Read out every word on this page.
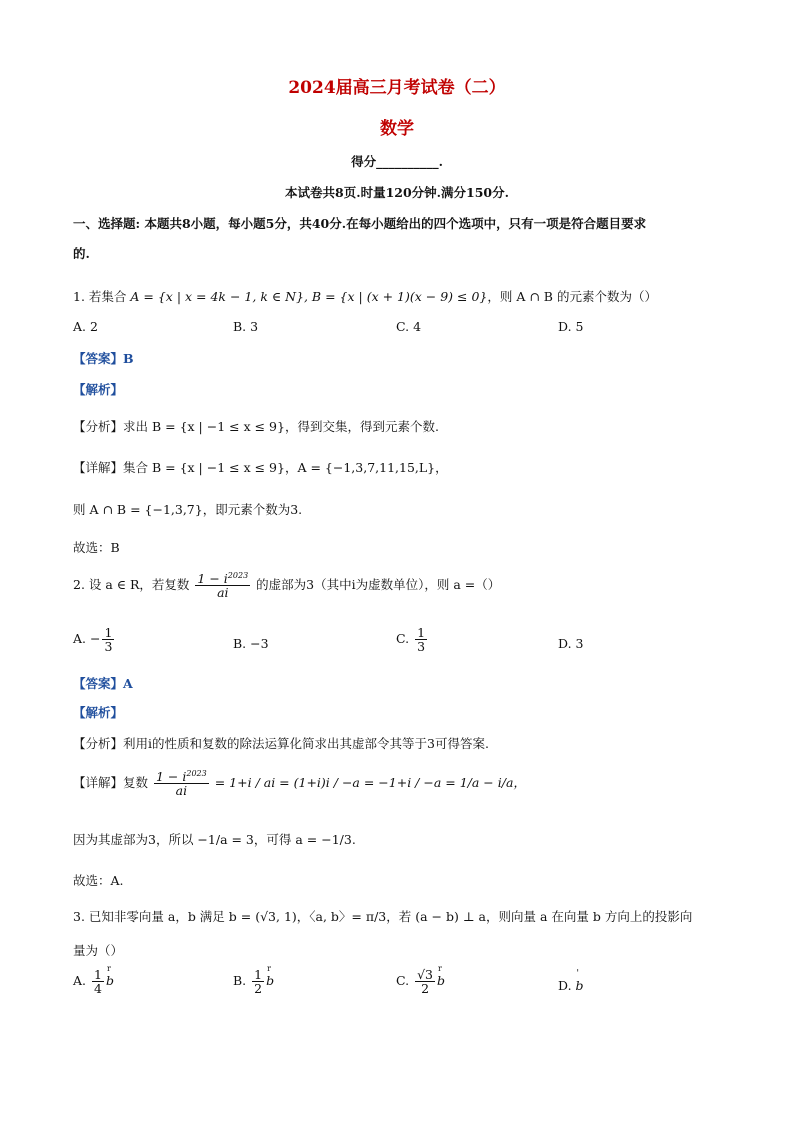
2024届高三月考试卷（二）
数学
得分__________.
本试卷共8页.时量120分钟.满分150分.
一、选择题: 本题共8小题，每小题5分，共40分.在每小题给出的四个选项中，只有一项是符合题目要求
的.
1. 若集合 A = {x | x = 4k − 1, k ∈ N}, B = {x | (x + 1)(x − 9) ≤ 0}，则 A ∩ B 的元素个数为（）
A. 2	B. 3	C. 4	D. 5
【答案】B
【解析】
【分析】求出 B = {x | −1 ≤ x ≤ 9}，得到交集，得到元素个数.
【详解】集合 B = {x | −1 ≤ x ≤ 9}，A = {−1,3,7,11,15,L}，
则 A ∩ B = {−1,3,7}，即元素个数为3.
故选：B
2. 设 a ∈ R，若复数 $\frac{1 - i^{2023}}{ai}$ 的虚部为3（其中i为虚数单位），则 a =（）
A. − $\frac{1}{3}$	B. −3	C. $\frac{1}{3}$	D. 3
【答案】A
【解析】
【分析】利用i的性质和复数的除法运算化简求出其虚部令其等于3可得答案.
【详解】复数 $\frac{1 - i^{2023}}{ai} = 1+i$ / ai = (1+i)i / −a = −1+i / −a = 1/a − i/a，
因为其虚部为3，所以 −1/a = 3，可得 a = −1/3.
故选：A.
3. 已知非零向量 a，b 满足 b = (√3, 1)，〈a, b〉= π/3，若 (a − b) ⊥ a，则向量 a 在向量 b 方向上的投影向
量为（）
A. $\frac{1}{4}$ r b	B. $\frac{1}{2}$ r b	C. $\frac{√3}{2}$ r b	D. ' b
